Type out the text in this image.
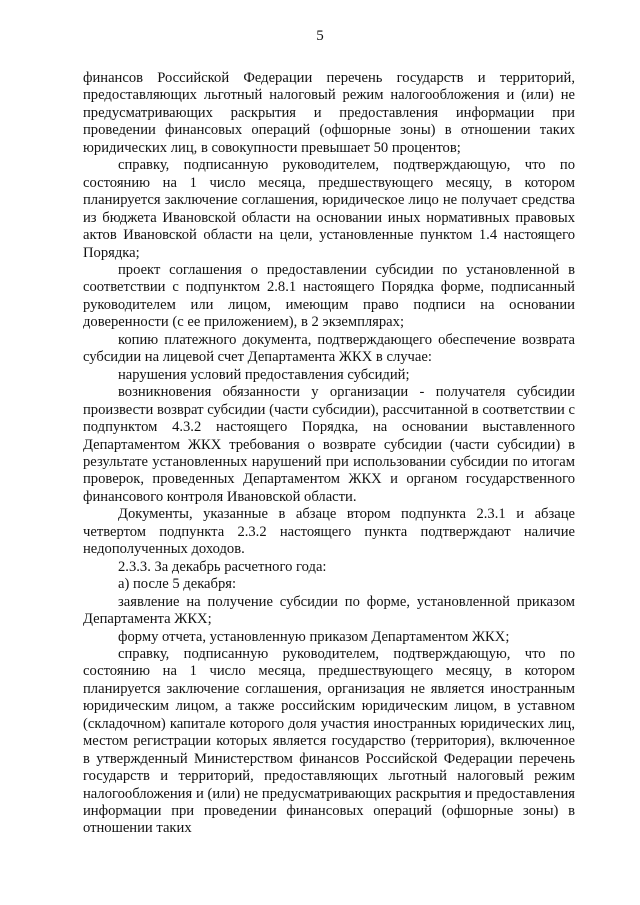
5

финансов Российской Федерации перечень государств и территорий, предоставляющих льготный налоговый режим налогообложения и (или) не предусматривающих раскрытия и предоставления информации при проведении финансовых операций (офшорные зоны) в отношении таких юридических лиц, в совокупности превышает 50 процентов;

справку, подписанную руководителем, подтверждающую, что по состоянию на 1 число месяца, предшествующего месяцу, в котором планируется заключение соглашения, юридическое лицо не получает средства из бюджета Ивановской области на основании иных нормативных правовых актов Ивановской области на цели, установленные пунктом 1.4 настоящего Порядка;

проект соглашения о предоставлении субсидии по установленной в соответствии с подпунктом 2.8.1 настоящего Порядка форме, подписанный руководителем или лицом, имеющим право подписи на основании доверенности (с ее приложением), в 2 экземплярах;

копию платежного документа, подтверждающего обеспечение возврата субсидии на лицевой счет Департамента ЖКХ в случае:

нарушения условий предоставления субсидий;

возникновения обязанности у организации - получателя субсидии произвести возврат субсидии (части субсидии), рассчитанной в соответствии с подпунктом 4.3.2 настоящего Порядка, на основании выставленного Департаментом ЖКХ требования о возврате субсидии (части субсидии) в результате установленных нарушений при использовании субсидии по итогам проверок, проведенных Департаментом ЖКХ и органом государственного финансового контроля Ивановской области.

Документы, указанные в абзаце втором подпункта 2.3.1 и абзаце четвертом подпункта 2.3.2 настоящего пункта подтверждают наличие недополученных доходов.

2.3.3. За декабрь расчетного года:

а) после 5 декабря:

заявление на получение субсидии по форме, установленной приказом Департамента ЖКХ;

форму отчета, установленную приказом Департаментом ЖКХ;

справку, подписанную руководителем, подтверждающую, что по состоянию на 1 число месяца, предшествующего месяцу, в котором планируется заключение соглашения, организация не является иностранным юридическим лицом, а также российским юридическим лицом, в уставном (складочном) капитале которого доля участия иностранных юридических лиц, местом регистрации которых является государство (территория), включенное в утвержденный Министерством финансов Российской Федерации перечень государств и территорий, предоставляющих льготный налоговый режим налогообложения и (или) не предусматривающих раскрытия и предоставления информации при проведении финансовых операций (офшорные зоны) в отношении таких
